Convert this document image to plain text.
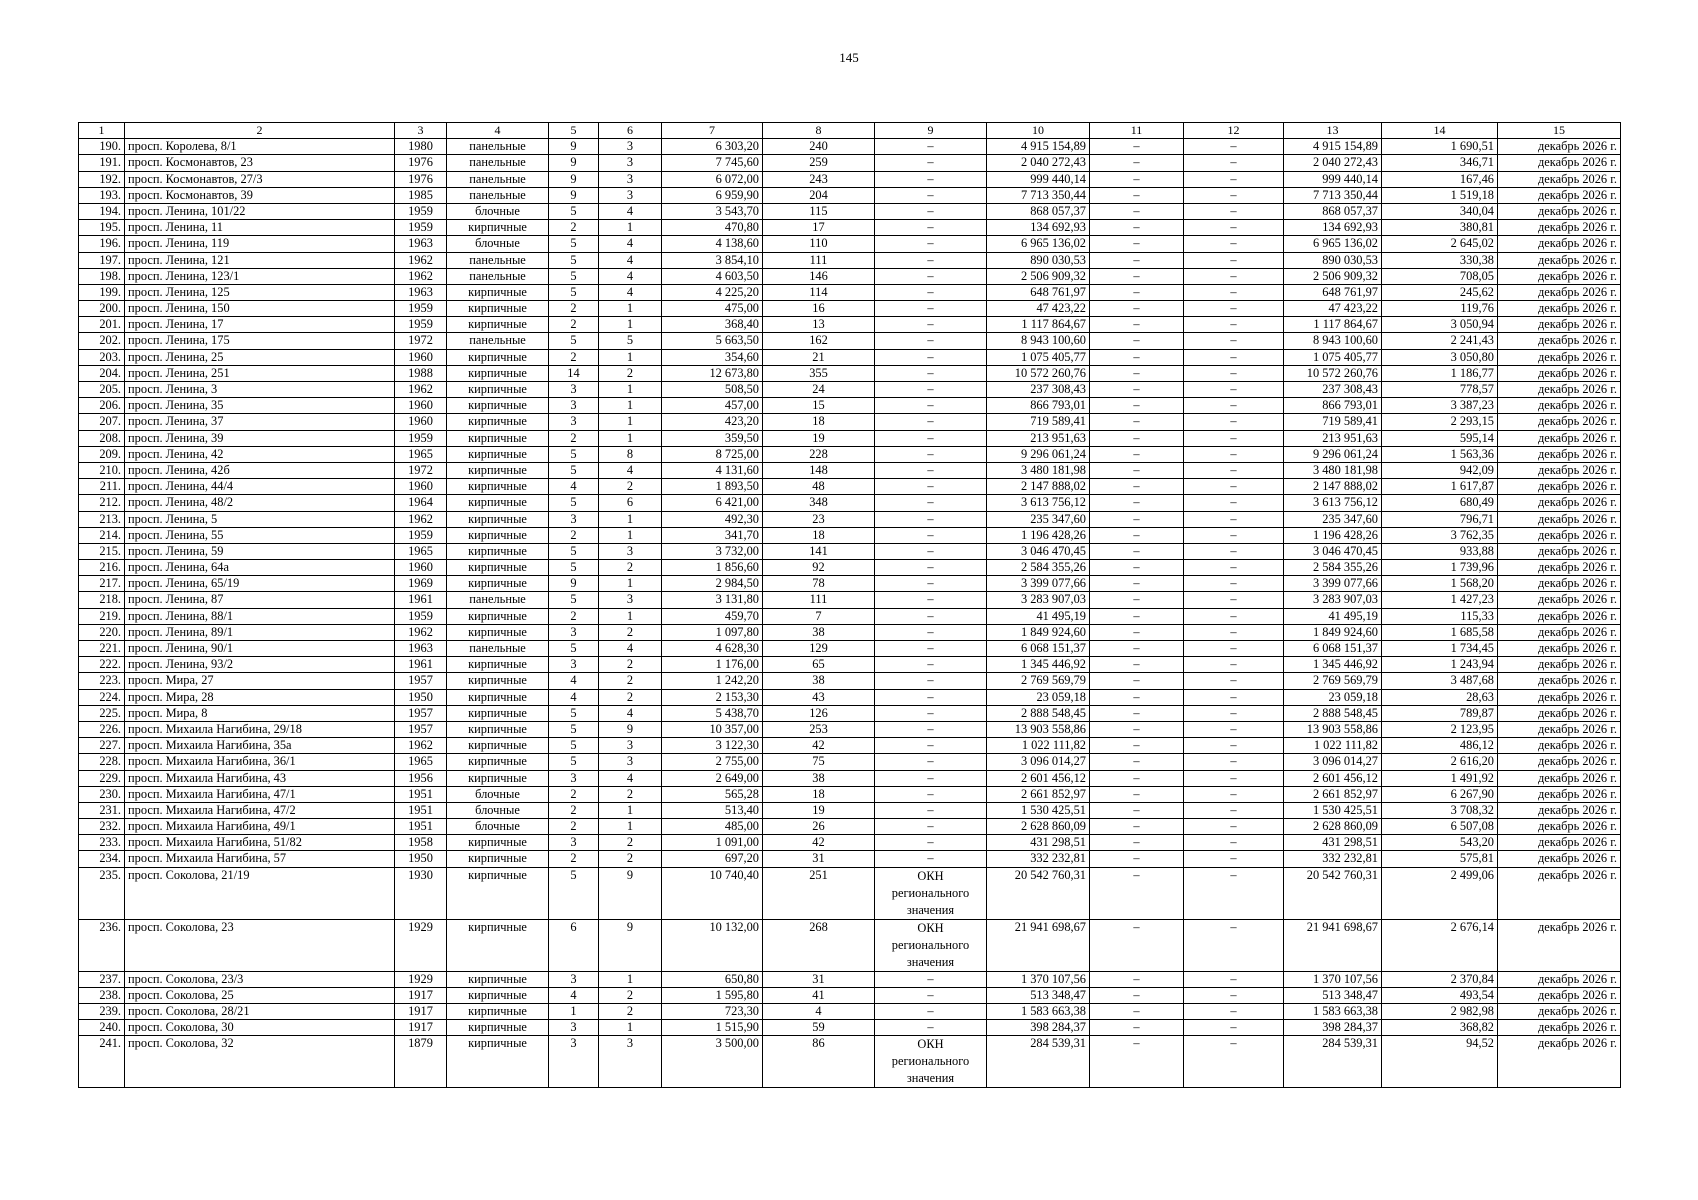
145
1	2	3	4	5	6	7	8	9	10	11	12	13	14	15
190.	просп. Королева, 8/1	1980	панельные	9	3	6 303,20	240	–	4 915 154,89	–	–	4 915 154,89	1 690,51	декабрь 2026 г.
191.	просп. Космонавтов, 23	1976	панельные	9	3	7 745,60	259	–	2 040 272,43	–	–	2 040 272,43	346,71	декабрь 2026 г.
192.	просп. Космонавтов, 27/3	1976	панельные	9	3	6 072,00	243	–	999 440,14	–	–	999 440,14	167,46	декабрь 2026 г.
193.	просп. Космонавтов, 39	1985	панельные	9	3	6 959,90	204	–	7 713 350,44	–	–	7 713 350,44	1 519,18	декабрь 2026 г.
194.	просп. Ленина, 101/22	1959	блочные	5	4	3 543,70	115	–	868 057,37	–	–	868 057,37	340,04	декабрь 2026 г.
195.	просп. Ленина, 11	1959	кирпичные	2	1	470,80	17	–	134 692,93	–	–	134 692,93	380,81	декабрь 2026 г.
196.	просп. Ленина, 119	1963	блочные	5	4	4 138,60	110	–	6 965 136,02	–	–	6 965 136,02	2 645,02	декабрь 2026 г.
197.	просп. Ленина, 121	1962	панельные	5	4	3 854,10	111	–	890 030,53	–	–	890 030,53	330,38	декабрь 2026 г.
198.	просп. Ленина, 123/1	1962	панельные	5	4	4 603,50	146	–	2 506 909,32	–	–	2 506 909,32	708,05	декабрь 2026 г.
199.	просп. Ленина, 125	1963	кирпичные	5	4	4 225,20	114	–	648 761,97	–	–	648 761,97	245,62	декабрь 2026 г.
200.	просп. Ленина, 150	1959	кирпичные	2	1	475,00	16	–	47 423,22	–	–	47 423,22	119,76	декабрь 2026 г.
201.	просп. Ленина, 17	1959	кирпичные	2	1	368,40	13	–	1 117 864,67	–	–	1 117 864,67	3 050,94	декабрь 2026 г.
202.	просп. Ленина, 175	1972	панельные	5	5	5 663,50	162	–	8 943 100,60	–	–	8 943 100,60	2 241,43	декабрь 2026 г.
203.	просп. Ленина, 25	1960	кирпичные	2	1	354,60	21	–	1 075 405,77	–	–	1 075 405,77	3 050,80	декабрь 2026 г.
204.	просп. Ленина, 251	1988	кирпичные	14	2	12 673,80	355	–	10 572 260,76	–	–	10 572 260,76	1 186,77	декабрь 2026 г.
205.	просп. Ленина, 3	1962	кирпичные	3	1	508,50	24	–	237 308,43	–	–	237 308,43	778,57	декабрь 2026 г.
206.	просп. Ленина, 35	1960	кирпичные	3	1	457,00	15	–	866 793,01	–	–	866 793,01	3 387,23	декабрь 2026 г.
207.	просп. Ленина, 37	1960	кирпичные	3	1	423,20	18	–	719 589,41	–	–	719 589,41	2 293,15	декабрь 2026 г.
208.	просп. Ленина, 39	1959	кирпичные	2	1	359,50	19	–	213 951,63	–	–	213 951,63	595,14	декабрь 2026 г.
209.	просп. Ленина, 42	1965	кирпичные	5	8	8 725,00	228	–	9 296 061,24	–	–	9 296 061,24	1 563,36	декабрь 2026 г.
210.	просп. Ленина, 42б	1972	кирпичные	5	4	4 131,60	148	–	3 480 181,98	–	–	3 480 181,98	942,09	декабрь 2026 г.
211.	просп. Ленина, 44/4	1960	кирпичные	4	2	1 893,50	48	–	2 147 888,02	–	–	2 147 888,02	1 617,87	декабрь 2026 г.
212.	просп. Ленина, 48/2	1964	кирпичные	5	6	6 421,00	348	–	3 613 756,12	–	–	3 613 756,12	680,49	декабрь 2026 г.
213.	просп. Ленина, 5	1962	кирпичные	3	1	492,30	23	–	235 347,60	–	–	235 347,60	796,71	декабрь 2026 г.
214.	просп. Ленина, 55	1959	кирпичные	2	1	341,70	18	–	1 196 428,26	–	–	1 196 428,26	3 762,35	декабрь 2026 г.
215.	просп. Ленина, 59	1965	кирпичные	5	3	3 732,00	141	–	3 046 470,45	–	–	3 046 470,45	933,88	декабрь 2026 г.
216.	просп. Ленина, 64а	1960	кирпичные	5	2	1 856,60	92	–	2 584 355,26	–	–	2 584 355,26	1 739,96	декабрь 2026 г.
217.	просп. Ленина, 65/19	1969	кирпичные	9	1	2 984,50	78	–	3 399 077,66	–	–	3 399 077,66	1 568,20	декабрь 2026 г.
218.	просп. Ленина, 87	1961	панельные	5	3	3 131,80	111	–	3 283 907,03	–	–	3 283 907,03	1 427,23	декабрь 2026 г.
219.	просп. Ленина, 88/1	1959	кирпичные	2	1	459,70	7	–	41 495,19	–	–	41 495,19	115,33	декабрь 2026 г.
220.	просп. Ленина, 89/1	1962	кирпичные	3	2	1 097,80	38	–	1 849 924,60	–	–	1 849 924,60	1 685,58	декабрь 2026 г.
221.	просп. Ленина, 90/1	1963	панельные	5	4	4 628,30	129	–	6 068 151,37	–	–	6 068 151,37	1 734,45	декабрь 2026 г.
222.	просп. Ленина, 93/2	1961	кирпичные	3	2	1 176,00	65	–	1 345 446,92	–	–	1 345 446,92	1 243,94	декабрь 2026 г.
223.	просп. Мира, 27	1957	кирпичные	4	2	1 242,20	38	–	2 769 569,79	–	–	2 769 569,79	3 487,68	декабрь 2026 г.
224.	просп. Мира, 28	1950	кирпичные	4	2	2 153,30	43	–	23 059,18	–	–	23 059,18	28,63	декабрь 2026 г.
225.	просп. Мира, 8	1957	кирпичные	5	4	5 438,70	126	–	2 888 548,45	–	–	2 888 548,45	789,87	декабрь 2026 г.
226.	просп. Михаила Нагибина, 29/18	1957	кирпичные	5	9	10 357,00	253	–	13 903 558,86	–	–	13 903 558,86	2 123,95	декабрь 2026 г.
227.	просп. Михаила Нагибина, 35а	1962	кирпичные	5	3	3 122,30	42	–	1 022 111,82	–	–	1 022 111,82	486,12	декабрь 2026 г.
228.	просп. Михаила Нагибина, 36/1	1965	кирпичные	5	3	2 755,00	75	–	3 096 014,27	–	–	3 096 014,27	2 616,20	декабрь 2026 г.
229.	просп. Михаила Нагибина, 43	1956	кирпичные	3	4	2 649,00	38	–	2 601 456,12	–	–	2 601 456,12	1 491,92	декабрь 2026 г.
230.	просп. Михаила Нагибина, 47/1	1951	блочные	2	2	565,28	18	–	2 661 852,97	–	–	2 661 852,97	6 267,90	декабрь 2026 г.
231.	просп. Михаила Нагибина, 47/2	1951	блочные	2	1	513,40	19	–	1 530 425,51	–	–	1 530 425,51	3 708,32	декабрь 2026 г.
232.	просп. Михаила Нагибина, 49/1	1951	блочные	2	1	485,00	26	–	2 628 860,09	–	–	2 628 860,09	6 507,08	декабрь 2026 г.
233.	просп. Михаила Нагибина, 51/82	1958	кирпичные	3	2	1 091,00	42	–	431 298,51	–	–	431 298,51	543,20	декабрь 2026 г.
234.	просп. Михаила Нагибина, 57	1950	кирпичные	2	2	697,20	31	–	332 232,81	–	–	332 232,81	575,81	декабрь 2026 г.
235.	просп. Соколова, 21/19	1930	кирпичные	5	9	10 740,40	251	ОКН регионального значения	20 542 760,31	–	–	20 542 760,31	2 499,06	декабрь 2026 г.
236.	просп. Соколова, 23	1929	кирпичные	6	9	10 132,00	268	ОКН регионального значения	21 941 698,67	–	–	21 941 698,67	2 676,14	декабрь 2026 г.
237.	просп. Соколова, 23/3	1929	кирпичные	3	1	650,80	31	–	1 370 107,56	–	–	1 370 107,56	2 370,84	декабрь 2026 г.
238.	просп. Соколова, 25	1917	кирпичные	4	2	1 595,80	41	–	513 348,47	–	–	513 348,47	493,54	декабрь 2026 г.
239.	просп. Соколова, 28/21	1917	кирпичные	1	2	723,30	4	–	1 583 663,38	–	–	1 583 663,38	2 982,98	декабрь 2026 г.
240.	просп. Соколова, 30	1917	кирпичные	3	1	1 515,90	59	–	398 284,37	–	–	398 284,37	368,82	декабрь 2026 г.
241.	просп. Соколова, 32	1879	кирпичные	3	3	3 500,00	86	ОКН регионального значения	284 539,31	–	–	284 539,31	94,52	декабрь 2026 г.
